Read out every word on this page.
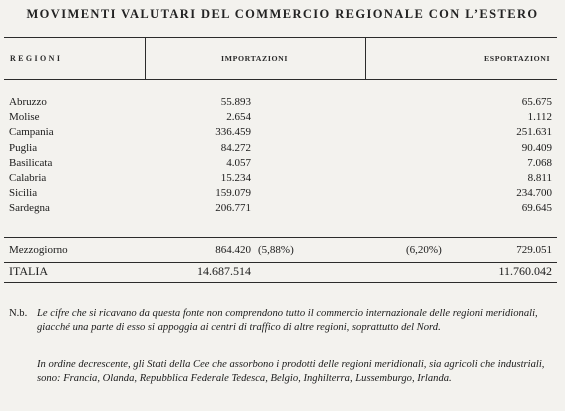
MOVIMENTI VALUTARI DEL COMMERCIO REGIONALE CON L’ESTERO
REGIONI	IMPORTAZIONI	ESPORTAZIONI
Abruzzo	55.893	65.675
Molise	2.654	1.112
Campania	336.459	251.631
Puglia	84.272	90.409
Basilicata	4.057	7.068
Calabria	15.234	8.811
Sicilia	159.079	234.700
Sardegna	206.771	69.645
Mezzogiorno	864.420 (5,88%)	(6,20%)	729.051
ITALIA	14.687.514	11.760.042
N.b. Le cifre che si ricavano da questa fonte non comprendono tutto il commercio internazionale delle regioni meridionali, giacché una parte di esso si appoggia ai centri di traffico di altre regioni, soprattutto del Nord.
In ordine decrescente, gli Stati della Cee che assorbono i prodotti delle regioni meridionali, sia agricoli che industriali, sono: Francia, Olanda, Repubblica Federale Tedesca, Belgio, Inghilterra, Lussemburgo, Irlanda.
